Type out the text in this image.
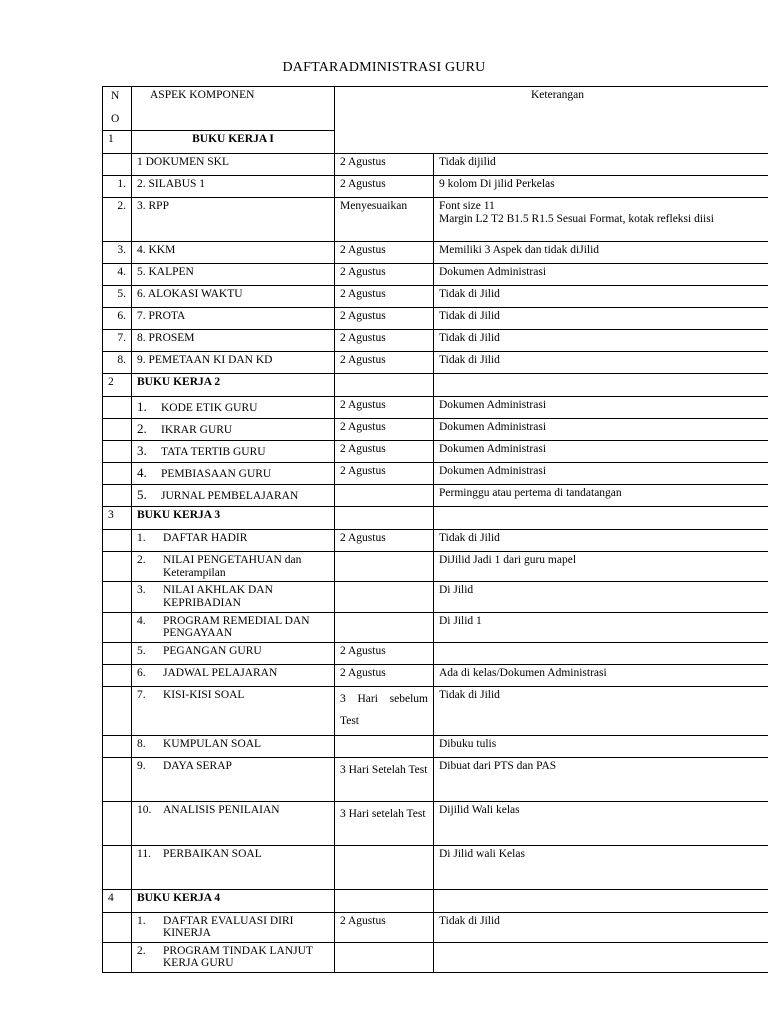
DAFTARADMINISTRASI GURU
N
O	ASPEK KOMPONEN	Keterangan	
1	BUKU KERJA I		
	1 DOKUMEN SKL	2 Agustus	Tidak dijilid
1.	2. SILABUS 1	2 Agustus	9 kolom Di jilid Perkelas
2.	3. RPP	Menyesuaikan	Font size 11
Margin L2 T2 B1.5 R1.5 Sesuai Format, kotak refleksi diisi

3.	4. KKM	2 Agustus	Memiliki 3 Aspek dan tidak diJilid
4.	5. KALPEN	2 Agustus	Dokumen Administrasi
5.	6. ALOKASI WAKTU	2 Agustus	Tidak di Jilid
6.	7. PROTA	2 Agustus	Tidak di Jilid
7.	8. PROSEM	2 Agustus	Tidak di Jilid
8.	9. PEMETAAN KI DAN KD	2 Agustus	Tidak di Jilid
2	BUKU KERJA 2		
	1. KODE ETIK GURU	2 Agustus	Dokumen Administrasi
	2. IKRAR GURU	2 Agustus	Dokumen Administrasi
	3. TATA TERTIB GURU	2 Agustus	Dokumen Administrasi
	4. PEMBIASAAN GURU	2 Agustus	Dokumen Administrasi
	5. JURNAL PEMBELAJARAN		Perminggu atau pertema di tandatangan
3	BUKU KERJA 3		

	1. DAFTAR HADIR	2 Agustus	Tidak di Jilid

	2. NILAI PENGETAHUAN dan Keterampilan		DiJilid Jadi 1 dari guru mapel

	3. NILAI AKHLAK DAN KEPRIBADIAN		Di Jilid

	4. PROGRAM REMEDIAL DAN PENGAYAAN		Di Jilid 1

	5. PEGANGAN GURU	2 Agustus	

	6. JADWAL PELAJARAN	2 Agustus	Ada di kelas/Dokumen Administrasi

	7. KISI-KISI SOAL	3 Hari sebelum Test	Tidak di Jilid

	8. KUMPULAN SOAL		Dibuku tulis

	9. DAYA SERAP	3 Hari Setelah Test	Dibuat dari PTS dan PAS

	10. ANALISIS PENILAIAN	3 Hari setelah Test	Dijilid Wali kelas

	11. PERBAIKAN SOAL		Di Jilid wali Kelas
4	BUKU KERJA 4		

	1. DAFTAR EVALUASI DIRI KINERJA	2 Agustus	Tidak di Jilid

	2. PROGRAM TINDAK LANJUT KERJA GURU		
